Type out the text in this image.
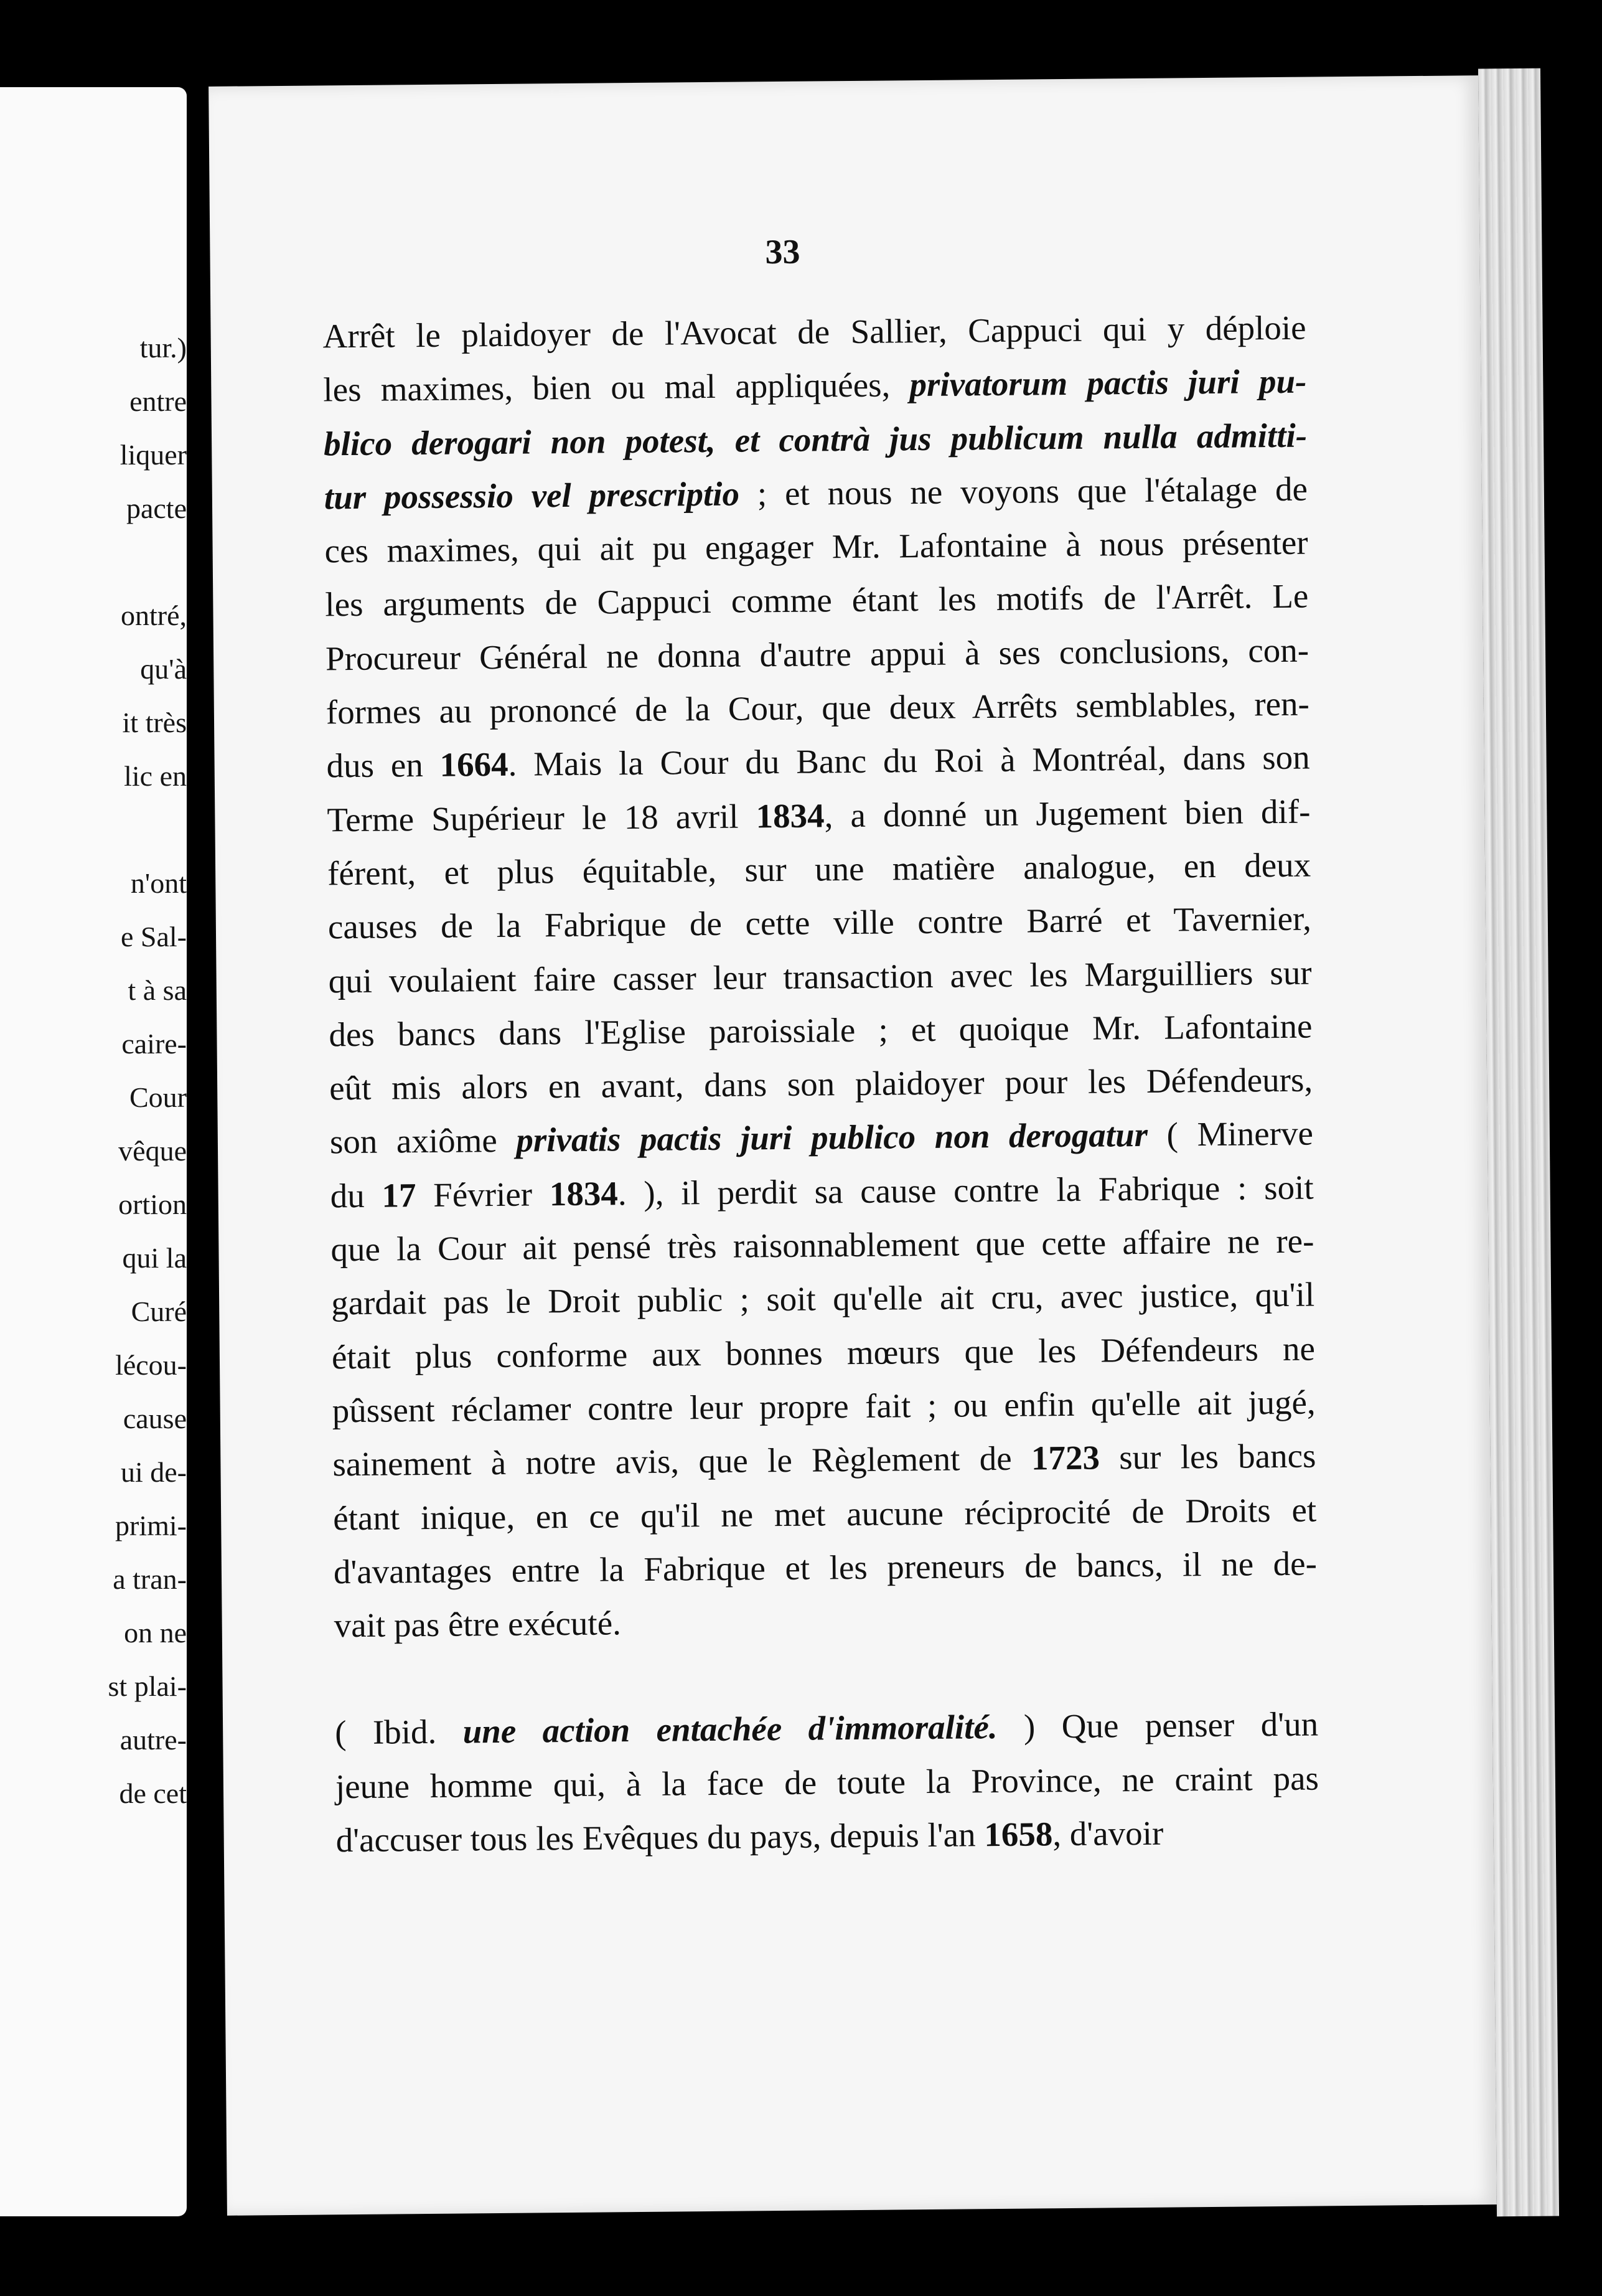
tur.)
entre
liquer
pacte
ontré,
qu'à
it très
lic en
n'ont
e Sal-
t à sa
caire-
Cour
vêque
ortion
qui la
Curé
lécou-
cause
ui de-
primi-
a tran-
on ne
st plai-
autre-
de cet
33
Arrêt le plaidoyer de l'Avocat de Sallier, Cappuci qui y déploie
les maximes, bien ou mal appliquées, privatorum pactis juri pu-
blico derogari non potest, et contrà jus publicum nulla admitti-
tur possessio vel prescriptio ; et nous ne voyons que l'étalage de
ces maximes, qui ait pu engager Mr. Lafontaine à nous présenter
les arguments de Cappuci comme étant les motifs de l'Arrêt. Le
Procureur Général ne donna d'autre appui à ses conclusions, con-
formes au prononcé de la Cour, que deux Arrêts semblables, ren-
dus en 1664. Mais la Cour du Banc du Roi à Montréal, dans son
Terme Supérieur le 18 avril 1834, a donné un Jugement bien dif-
férent, et plus équitable, sur une matière analogue, en deux
causes de la Fabrique de cette ville contre Barré et Tavernier,
qui voulaient faire casser leur transaction avec les Marguilliers sur
des bancs dans l'Eglise paroissiale ; et quoique Mr. Lafontaine
eût mis alors en avant, dans son plaidoyer pour les Défendeurs,
son axiôme privatis pactis juri publico non derogatur ( Minerve
du 17 Février 1834. ), il perdit sa cause contre la Fabrique : soit
que la Cour ait pensé très raisonnablement que cette affaire ne re-
gardait pas le Droit public ; soit qu'elle ait cru, avec justice, qu'il
était plus conforme aux bonnes mœurs que les Défendeurs ne
pûssent réclamer contre leur propre fait ; ou enfin qu'elle ait jugé,
sainement à notre avis, que le Règlement de 1723 sur les bancs
étant inique, en ce qu'il ne met aucune réciprocité de Droits et
d'avantages entre la Fabrique et les preneurs de bancs, il ne de-
vait pas être exécuté.
( Ibid. une action entachée d'immoralité. ) Que penser d'un
jeune homme qui, à la face de toute la Province, ne craint pas
d'accuser tous les Evêques du pays, depuis l'an 1658, d'avoir
